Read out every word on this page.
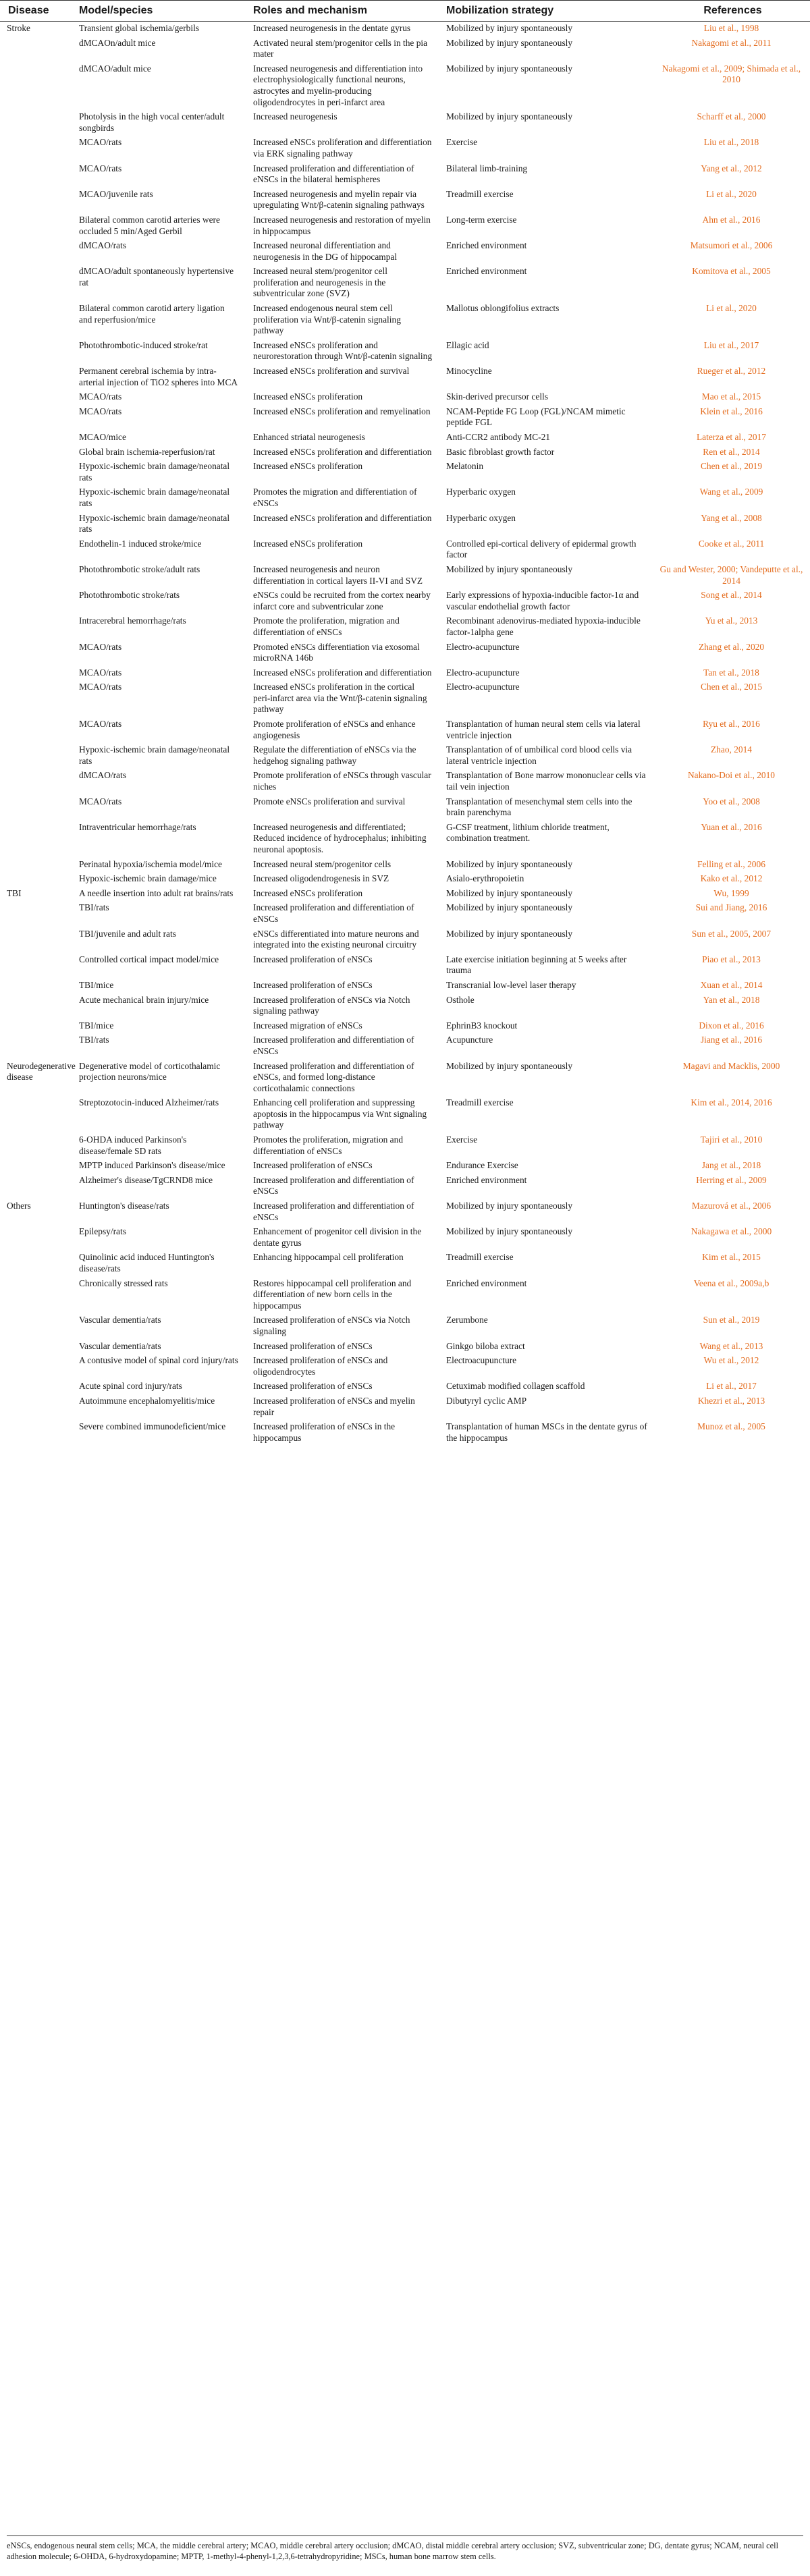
Disease	Model/species	Roles and mechanism	Mobilization strategy	References
Stroke	Transient global ischemia/gerbils	Increased neurogenesis in the dentate gyrus	Mobilized by injury spontaneously	Liu et al., 1998
	dMCAOn/adult mice	Activated neural stem/progenitor cells in the pia mater	Mobilized by injury spontaneously	Nakagomi et al., 2011
	dMCAO/adult mice	Increased neurogenesis and differentiation into electrophysiologically functional neurons, astrocytes and myelin-producing oligodendrocytes in peri-infarct area	Mobilized by injury spontaneously	Nakagomi et al., 2009; Shimada et al., 2010
	Photolysis in the high vocal center/adult songbirds	Increased neurogenesis	Mobilized by injury spontaneously	Scharff et al., 2000
	MCAO/rats	Increased eNSCs proliferation and differentiation via ERK signaling pathway	Exercise	Liu et al., 2018
	MCAO/rats	Increased proliferation and differentiation of eNSCs in the bilateral hemispheres	Bilateral limb-training	Yang et al., 2012
	MCAO/juvenile rats	Increased neurogenesis and myelin repair via upregulating Wnt/β-catenin signaling pathways	Treadmill exercise	Li et al., 2020
	Bilateral common carotid arteries were occluded 5 min/Aged Gerbil	Increased neurogenesis and restoration of myelin in hippocampus	Long-term exercise	Ahn et al., 2016
	dMCAO/rats	Increased neuronal differentiation and neurogenesis in the DG of hippocampal	Enriched environment	Matsumori et al., 2006
	dMCAO/adult spontaneously hypertensive rat	Increased neural stem/progenitor cell proliferation and neurogenesis in the subventricular zone (SVZ)	Enriched environment	Komitova et al., 2005
	Bilateral common carotid artery ligation and reperfusion/mice	Increased endogenous neural stem cell proliferation via Wnt/β-catenin signaling pathway	Mallotus oblongifolius extracts	Li et al., 2020
	Photothrombotic-induced stroke/rat	Increased eNSCs proliferation and neurorestoration through Wnt/β-catenin signaling	Ellagic acid	Liu et al., 2017
	Permanent cerebral ischemia by intra-arterial injection of TiO2 spheres into MCA	Increased eNSCs proliferation and survival	Minocycline	Rueger et al., 2012
	MCAO/rats	Increased eNSCs proliferation	Skin-derived precursor cells	Mao et al., 2015
	MCAO/rats	Increased eNSCs proliferation and remyelination	NCAM-Peptide FG Loop (FGL)/NCAM mimetic peptide FGL	Klein et al., 2016
	MCAO/mice	Enhanced striatal neurogenesis	Anti-CCR2 antibody MC-21	Laterza et al., 2017
	Global brain ischemia-reperfusion/rat	Increased eNSCs proliferation and differentiation	Basic fibroblast growth factor	Ren et al., 2014
	Hypoxic-ischemic brain damage/neonatal rats	Increased eNSCs proliferation	Melatonin	Chen et al., 2019
	Hypoxic-ischemic brain damage/neonatal rats	Promotes the migration and differentiation of eNSCs	Hyperbaric oxygen	Wang et al., 2009
	Hypoxic-ischemic brain damage/neonatal rats	Increased eNSCs proliferation and differentiation	Hyperbaric oxygen	Yang et al., 2008
	Endothelin-1 induced stroke/mice	Increased eNSCs proliferation	Controlled epi-cortical delivery of epidermal growth factor	Cooke et al., 2011
	Photothrombotic stroke/adult rats	Increased neurogenesis and neuron differentiation in cortical layers II-VI and SVZ	Mobilized by injury spontaneously	Gu and Wester, 2000; Vandeputte et al., 2014
	Photothrombotic stroke/rats	eNSCs could be recruited from the cortex nearby infarct core and subventricular zone	Early expressions of hypoxia-inducible factor-1α and vascular endothelial growth factor	Song et al., 2014
	Intracerebral hemorrhage/rats	Promote the proliferation, migration and differentiation of eNSCs	Recombinant adenovirus-mediated hypoxia-inducible factor-1alpha gene	Yu et al., 2013
	MCAO/rats	Promoted eNSCs differentiation via exosomal microRNA 146b	Electro-acupuncture	Zhang et al., 2020
	MCAO/rats	Increased eNSCs proliferation and differentiation	Electro-acupuncture	Tan et al., 2018
	MCAO/rats	Increased eNSCs proliferation in the cortical peri-infarct area via the Wnt/β-catenin signaling pathway	Electro-acupuncture	Chen et al., 2015
	MCAO/rats	Promote proliferation of eNSCs and enhance angiogenesis	Transplantation of human neural stem cells via lateral ventricle injection	Ryu et al., 2016
	Hypoxic-ischemic brain damage/neonatal rats	Regulate the differentiation of eNSCs via the hedgehog signaling pathway	Transplantation of of umbilical cord blood cells via lateral ventricle injection	Zhao, 2014
	dMCAO/rats	Promote proliferation of eNSCs through vascular niches	Transplantation of Bone marrow mononuclear cells via tail vein injection	Nakano-Doi et al., 2010
	MCAO/rats	Promote eNSCs proliferation and survival	Transplantation of mesenchymal stem cells into the brain parenchyma	Yoo et al., 2008
	Intraventricular hemorrhage/rats	Increased neurogenesis and differentiated; Reduced incidence of hydrocephalus; inhibiting neuronal apoptosis.	G-CSF treatment, lithium chloride treatment, combination treatment.	Yuan et al., 2016
	Perinatal hypoxia/ischemia model/mice	Increased neural stem/progenitor cells	Mobilized by injury spontaneously	Felling et al., 2006
	Hypoxic-ischemic brain damage/mice	Increased oligodendrogenesis in SVZ	Asialo-erythropoietin	Kako et al., 2012
TBI	A needle insertion into adult rat brains/rats	Increased eNSCs proliferation	Mobilized by injury spontaneously	Wu, 1999
	TBI/rats	Increased proliferation and differentiation of eNSCs	Mobilized by injury spontaneously	Sui and Jiang, 2016
	TBI/juvenile and adult rats	eNSCs differentiated into mature neurons and integrated into the existing neuronal circuitry	Mobilized by injury spontaneously	Sun et al., 2005, 2007
	Controlled cortical impact model/mice	Increased proliferation of eNSCs	Late exercise initiation beginning at 5 weeks after trauma	Piao et al., 2013
	TBI/mice	Increased proliferation of eNSCs	Transcranial low-level laser therapy	Xuan et al., 2014
	Acute mechanical brain injury/mice	Increased proliferation of eNSCs via Notch signaling pathway	Osthole	Yan et al., 2018
	TBI/mice	Increased migration of eNSCs	EphrinB3 knockout	Dixon et al., 2016
	TBI/rats	Increased proliferation and differentiation of eNSCs	Acupuncture	Jiang et al., 2016
Neurodegenerative disease	Degenerative model of corticothalamic projection neurons/mice	Increased proliferation and differentiation of eNSCs, and formed long-distance corticothalamic connections	Mobilized by injury spontaneously	Magavi and Macklis, 2000
	Streptozotocin-induced Alzheimer/rats	Enhancing cell proliferation and suppressing apoptosis in the hippocampus via Wnt signaling pathway	Treadmill exercise	Kim et al., 2014, 2016
	6-OHDA induced Parkinson's disease/female SD rats	Promotes the proliferation, migration and differentiation of eNSCs	Exercise	Tajiri et al., 2010
	MPTP induced Parkinson's disease/mice	Increased proliferation of eNSCs	Endurance Exercise	Jang et al., 2018
	Alzheimer's disease/TgCRND8 mice	Increased proliferation and differentiation of eNSCs	Enriched environment	Herring et al., 2009
Others	Huntington's disease/rats	Increased proliferation and differentiation of eNSCs	Mobilized by injury spontaneously	Mazurová et al., 2006
	Epilepsy/rats	Enhancement of progenitor cell division in the dentate gyrus	Mobilized by injury spontaneously	Nakagawa et al., 2000
	Quinolinic acid induced Huntington's disease/rats	Enhancing hippocampal cell proliferation	Treadmill exercise	Kim et al., 2015
	Chronically stressed rats	Restores hippocampal cell proliferation and differentiation of new born cells in the hippocampus	Enriched environment	Veena et al., 2009a,b
	Vascular dementia/rats	Increased proliferation of eNSCs via Notch signaling	Zerumbone	Sun et al., 2019
	Vascular dementia/rats	Increased proliferation of eNSCs	Ginkgo biloba extract	Wang et al., 2013
	A contusive model of spinal cord injury/rats	Increased proliferation of eNSCs and oligodendrocytes	Electroacupuncture	Wu et al., 2012
	Acute spinal cord injury/rats	Increased proliferation of eNSCs	Cetuximab modified collagen scaffold	Li et al., 2017
	Autoimmune encephalomyelitis/mice	Increased proliferation of eNSCs and myelin repair	Dibutyryl cyclic AMP	Khezri et al., 2013
	Severe combined immunodeficient/mice	Increased proliferation of eNSCs in the hippocampus	Transplantation of human MSCs in the dentate gyrus of the hippocampus	Munoz et al., 2005
eNSCs, endogenous neural stem cells; MCA, the middle cerebral artery; MCAO, middle cerebral artery occlusion; dMCAO, distal middle cerebral artery occlusion; SVZ, subventricular zone; DG, dentate gyrus; NCAM, neural cell adhesion molecule; 6-OHDA, 6-hydroxydopamine; MPTP, 1-methyl-4-phenyl-1,2,3,6-tetrahydropyridine; MSCs, human bone marrow stem cells.
